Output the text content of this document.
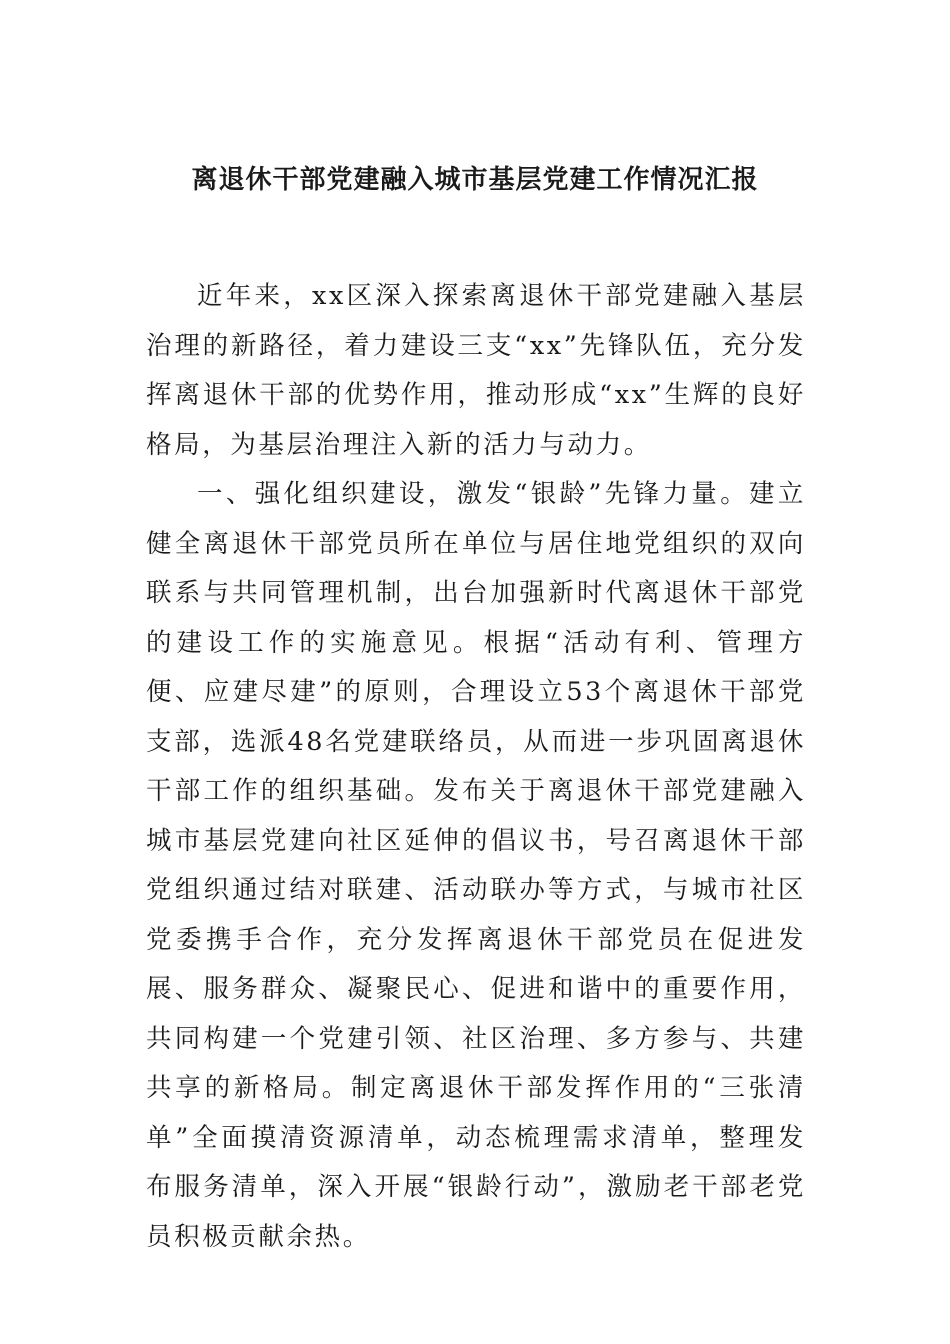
离退休干部党建融入城市基层党建工作情况汇报

近年来，xx区深入探索离退休干部党建融入基层治理的新路径，着力建设三支“xx”先锋队伍，充分发挥离退休干部的优势作用，推动形成“xx”生辉的良好格局，为基层治理注入新的活力与动力。

一、强化组织建设，激发“银龄”先锋力量。建立健全离退休干部党员所在单位与居住地党组织的双向联系与共同管理机制，出台加强新时代离退休干部党的建设工作的实施意见。根据“活动有利、管理方便、应建尽建”的原则，合理设立53个离退休干部党支部，选派48名党建联络员，从而进一步巩固离退休干部工作的组织基础。发布关于离退休干部党建融入城市基层党建向社区延伸的倡议书，号召离退休干部党组织通过结对联建、活动联办等方式，与城市社区党委携手合作，充分发挥离退休干部党员在促进发展、服务群众、凝聚民心、促进和谐中的重要作用，共同构建一个党建引领、社区治理、多方参与、共建共享的新格局。制定离退休干部发挥作用的“三张清单”全面摸清资源清单，动态梳理需求清单，整理发布服务清单，深入开展“银龄行动”，激励老干部老党员积极贡献余热。
